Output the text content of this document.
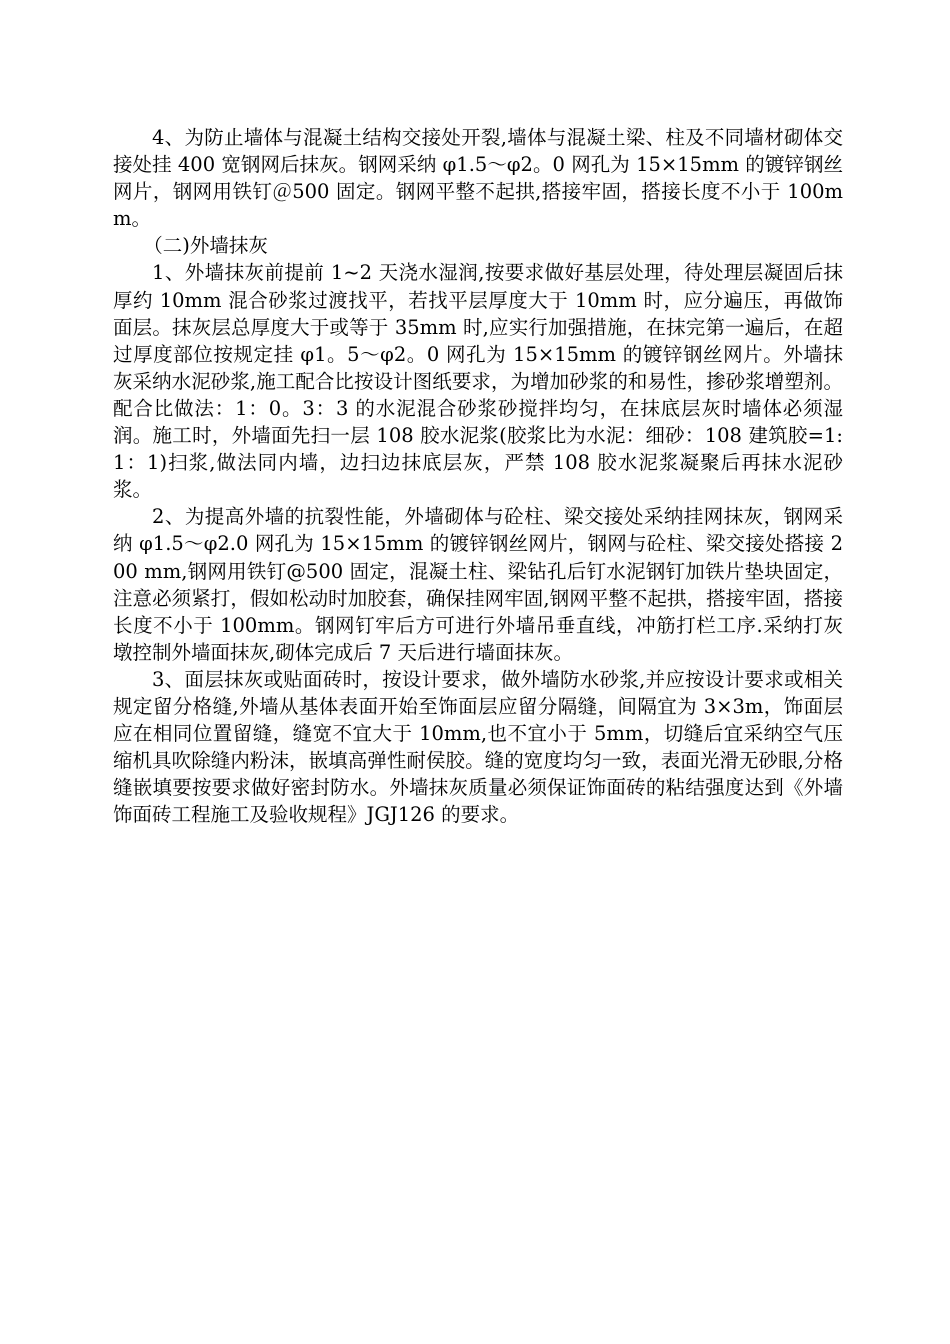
4、为防止墙体与混凝土结构交接处开裂,墙体与混凝土梁、柱及不同墙材砌体交接处挂 400 宽钢网后抹灰。钢网采纳 φ1.5～φ2。0 网孔为 15×15mm 的镀锌钢丝网片，钢网用铁钉＠500 固定。钢网平整不起拱,搭接牢固，搭接长度不小于 100mm。

（二)外墙抹灰

1、外墙抹灰前提前 1~2 天浇水湿润,按要求做好基层处理，待处理层凝固后抹厚约 10mm 混合砂浆过渡找平，若找平层厚度大于 10mm 时，应分遍压，再做饰面层。抹灰层总厚度大于或等于 35mm 时,应实行加强措施，在抹完第一遍后，在超过厚度部位按规定挂 φ1。5～φ2。0 网孔为 15×15mm 的镀锌钢丝网片。外墙抹灰采纳水泥砂浆,施工配合比按设计图纸要求，为增加砂浆的和易性，掺砂浆增塑剂。配合比做法：1：0。3：3 的水泥混合砂浆砂搅拌均匀，在抹底层灰时墙体必须湿润。施工时，外墙面先扫一层 108 胶水泥浆(胶浆比为水泥：细砂：108 建筑胶=1:1：1)扫浆,做法同内墙，边扫边抹底层灰，严禁 108 胶水泥浆凝聚后再抹水泥砂浆。

2、为提高外墙的抗裂性能，外墙砌体与砼柱、梁交接处采纳挂网抹灰，钢网采纳 φ1.5～φ2.0 网孔为 15×15mm 的镀锌钢丝网片，钢网与砼柱、梁交接处搭接 200 mm,钢网用铁钉@500 固定，混凝土柱、梁钻孔后钉水泥钢钉加铁片垫块固定，注意必须紧打，假如松动时加胶套，确保挂网牢固,钢网平整不起拱，搭接牢固，搭接长度不小于 100mm。钢网钉牢后方可进行外墙吊垂直线，冲筋打栏工序.采纳打灰墩控制外墙面抹灰,砌体完成后 7 天后进行墙面抹灰。

3、面层抹灰或贴面砖时，按设计要求，做外墙防水砂浆,并应按设计要求或相关规定留分格缝,外墙从基体表面开始至饰面层应留分隔缝，间隔宜为 3×3m，饰面层应在相同位置留缝，缝宽不宜大于 10mm,也不宜小于 5mm，切缝后宜采纳空气压缩机具吹除缝内粉沫，嵌填高弹性耐侯胶。缝的宽度均匀一致，表面光滑无砂眼,分格缝嵌填要按要求做好密封防水。外墙抹灰质量必须保证饰面砖的粘结强度达到《外墙饰面砖工程施工及验收规程》JGJ126 的要求。
